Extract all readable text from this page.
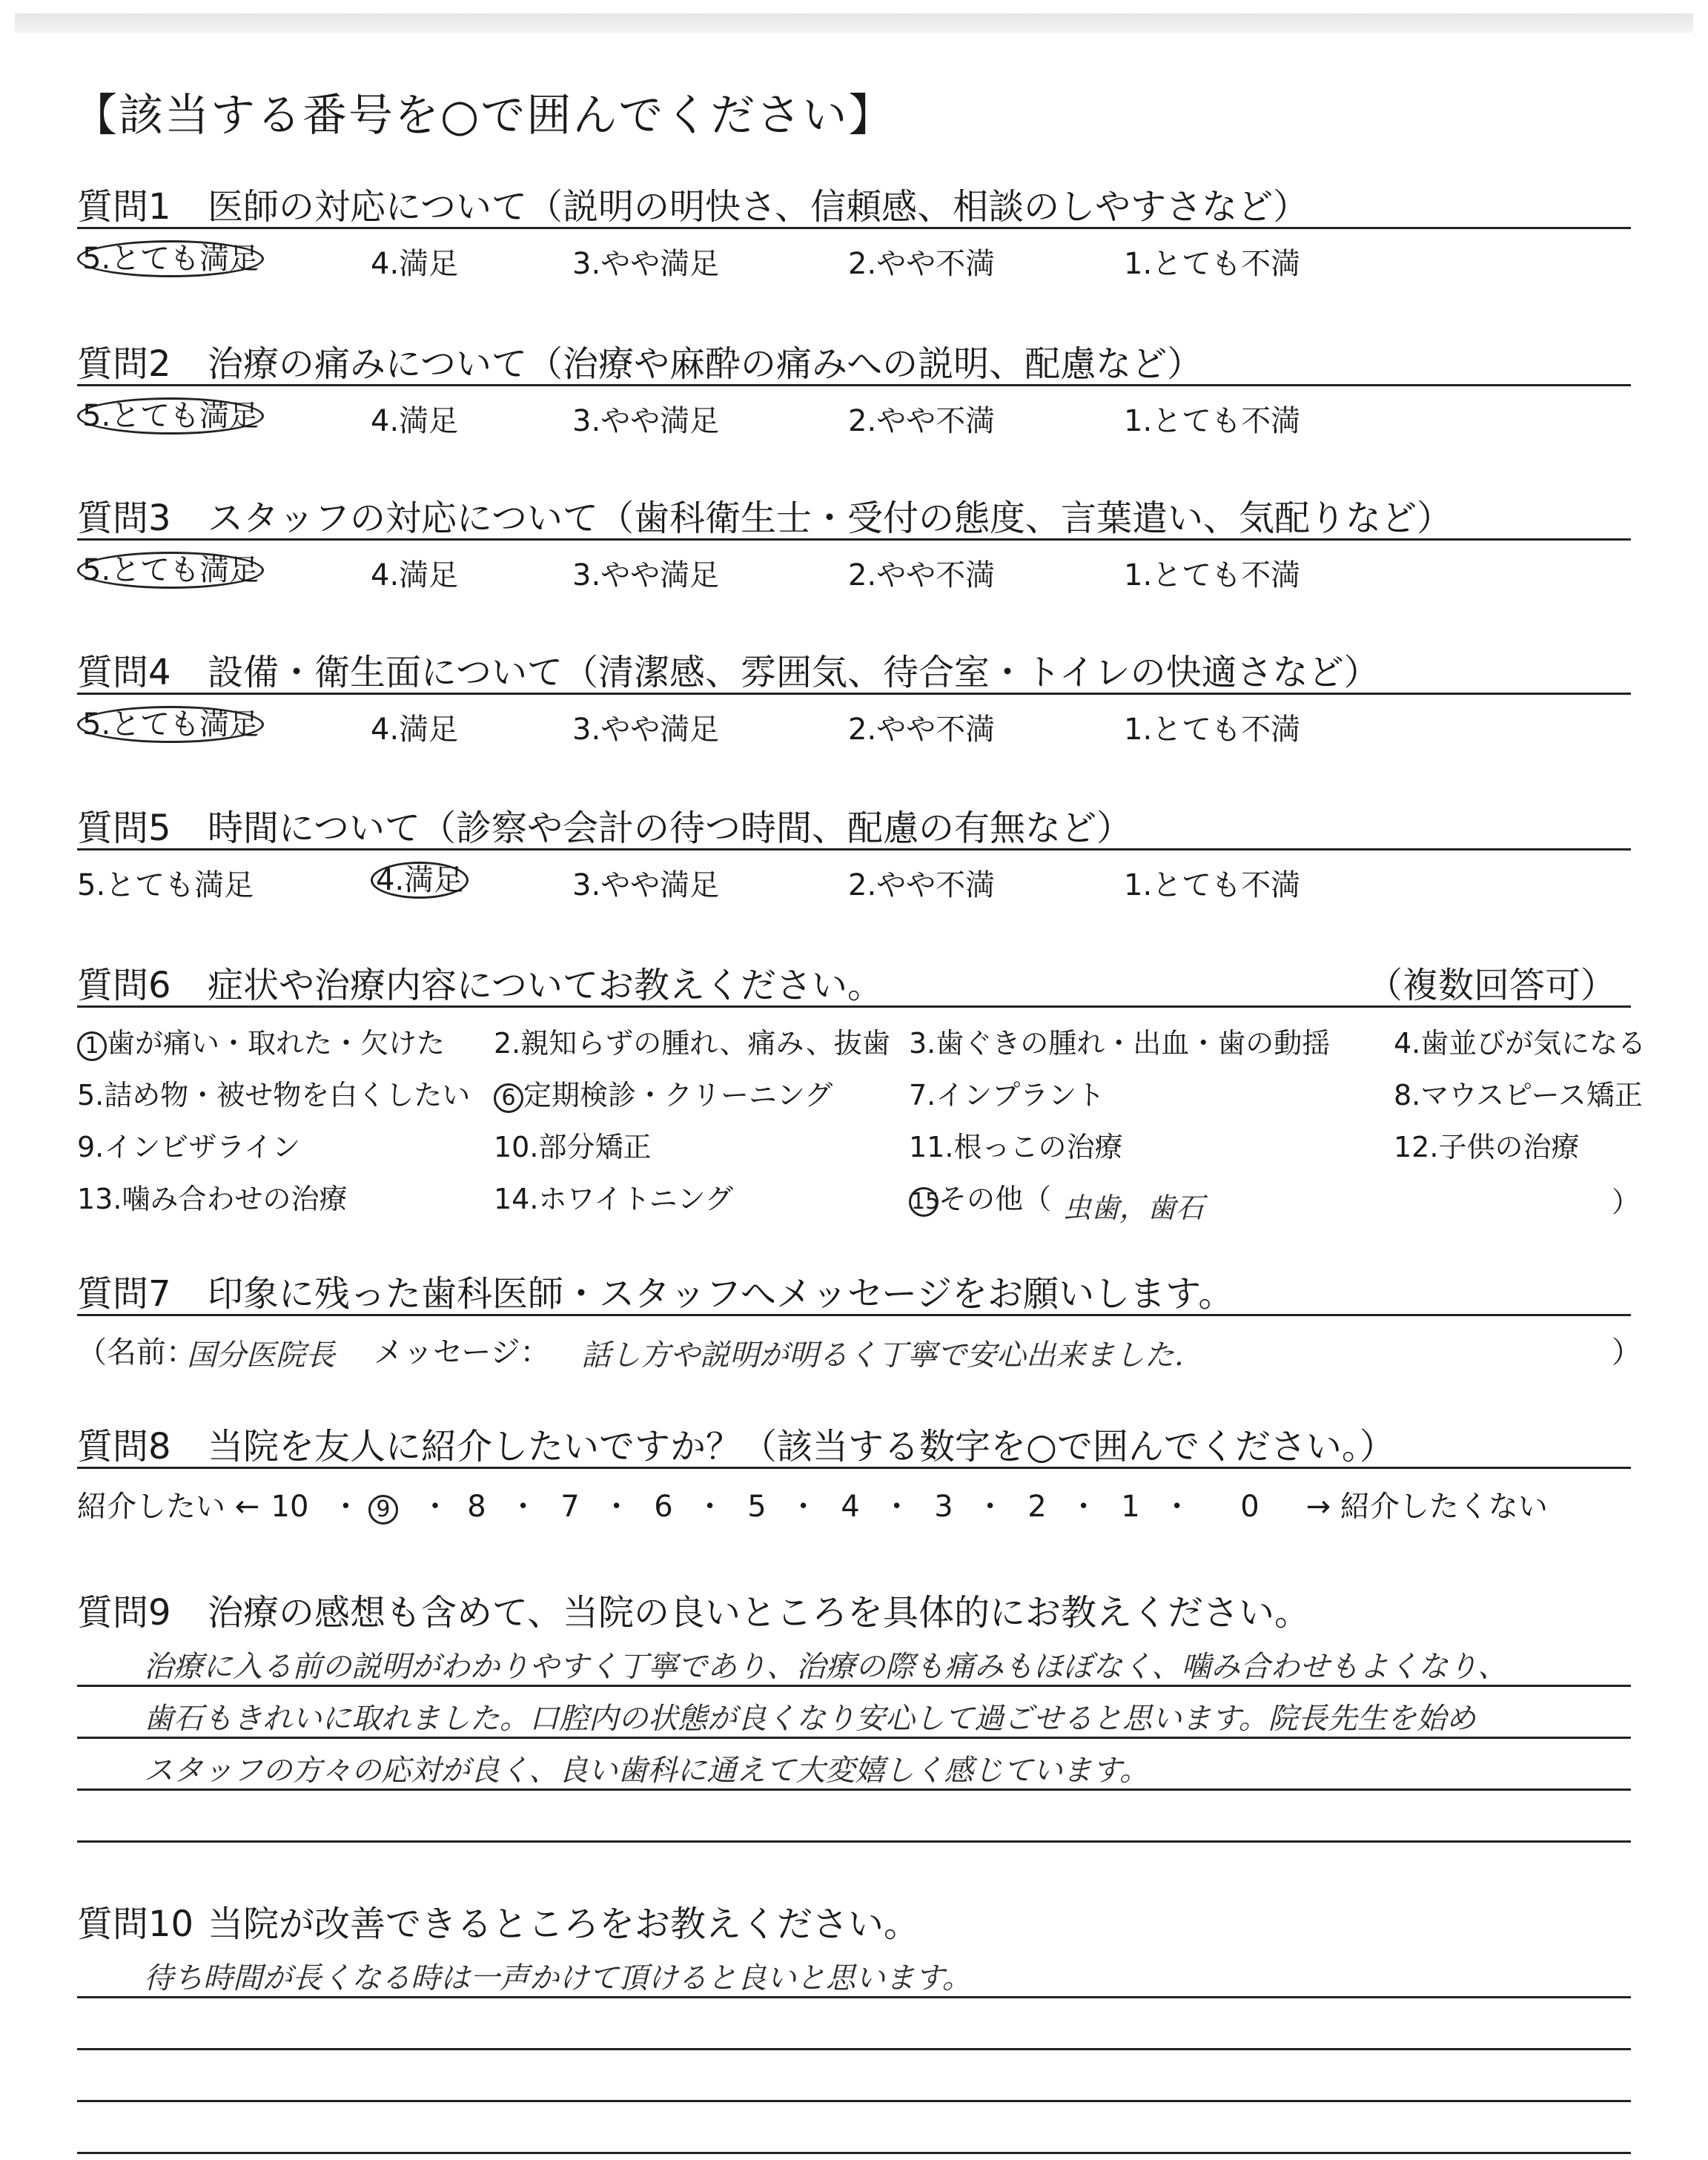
【該当する番号を○で囲んでください】
質問1 医師の対応について（説明の明快さ、信頼感、相談のしやすさなど）
5.とても満足	4.満足	3.やや満足	2.やや不満	1.とても不満
質問2 治療の痛みについて（治療や麻酔の痛みへの説明、配慮など）
5.とても満足	4.満足	3.やや満足	2.やや不満	1.とても不満
質問3 スタッフの対応について（歯科衛生士・受付の態度、言葉遣い、気配りなど）
5.とても満足	4.満足	3.やや満足	2.やや不満	1.とても不満
質問4 設備・衛生面について（清潔感、雰囲気、待合室・トイレの快適さなど）
5.とても満足	4.満足	3.やや満足	2.やや不満	1.とても不満
質問5 時間について（診察や会計の待つ時間、配慮の有無など）
5.とても満足	4.満足	3.やや満足	2.やや不満	1.とても不満
質問6 症状や治療内容についてお教えください。	（複数回答可）
1 歯が痛い・取れた・欠けた 2.親知らずの腫れ、痛み、抜歯 3.歯ぐきの腫れ・出血・歯の動揺 4.歯並びが気になる
5.詰め物・被せ物を白くしたい	6 定期検診・クリーニング	7.インプラント	8.マウスピース矯正
9.インビザライン	10.部分矯正	11.根っこの治療	12.子供の治療
13.噛み合わせの治療	14.ホワイトニング	15その他（ 虫歯，歯石	）
質問7 印象に残った歯科医師・スタッフへメッセージをお願いします。
（名前：
国分医院長 メッセージ： 話し方や説明が明るく丁寧で安心出来ました.	）
質問8 当院を友人に紹介したいですか？（該当する数字を○で囲んでください。）
紹介したい ← 10 ・ 9 ・ 8 ・ 7 ・ 6 ・ 5 ・ 4 ・ 3 ・ 2 ・ 1 ・ 0 → 紹介したくない
質問9 治療の感想も含めて、当院の良いところを具体的にお教えください。
治療に入る前の説明がわかりやすく丁寧であり、治療の際も痛みもほぼなく、噛み合わせもよくなり、
歯石もきれいに取れました。口腔内の状態が良くなり安心して過ごせると思います。院長先生を始め
スタッフの方々の応対が良く、良い歯科に通えて大変嬉しく感じています。
質問10 当院が改善できるところをお教えください。
待ち時間が長くなる時は一声かけて頂けると良いと思います。
